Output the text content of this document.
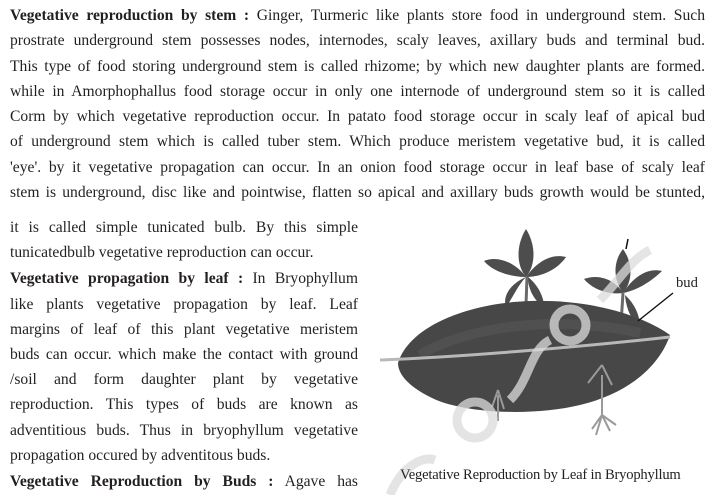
Vegetative reproduction by stem : Ginger, Turmeric like plants store food in underground stem. Such
prostrate underground stem possesses nodes, internodes, scaly leaves, axillary buds and terminal bud.
This type of food storing underground stem is called rhizome; by which new daughter plants are formed.
while in Amorphophallus food storage occur in only one internode of underground stem so it is called
Corm by which vegetative reproduction occur. In patato food storage occur in scaly leaf of apical bud
of underground stem which is called tuber stem. Which produce meristem vegetative bud, it is called
'eye'. by it vegetative propagation can occur. In an onion food storage occur in leaf base of scaly leaf
stem is underground, disc like and pointwise, flatten so apical and axillary buds growth would be stunted,
it is called simple tunicated bulb. By this simple
tunicatedbulb vegetative reproduction can occur.
Vegetative propagation by leaf : In Bryophyllum
like plants vegetative propagation by leaf. Leaf
margins of leaf of this plant vegetative meristem
buds can occur. which make the contact with ground
/soil and form daughter plant by vegetative
reproduction. This types of buds are known as
adventitious buds. Thus in bryophyllum vegetative
propagation occured by adventitous buds.
Vegetative Reproduction by Buds : Agave has
bud
Vegetative Reproduction by Leaf in Bryophyllum
